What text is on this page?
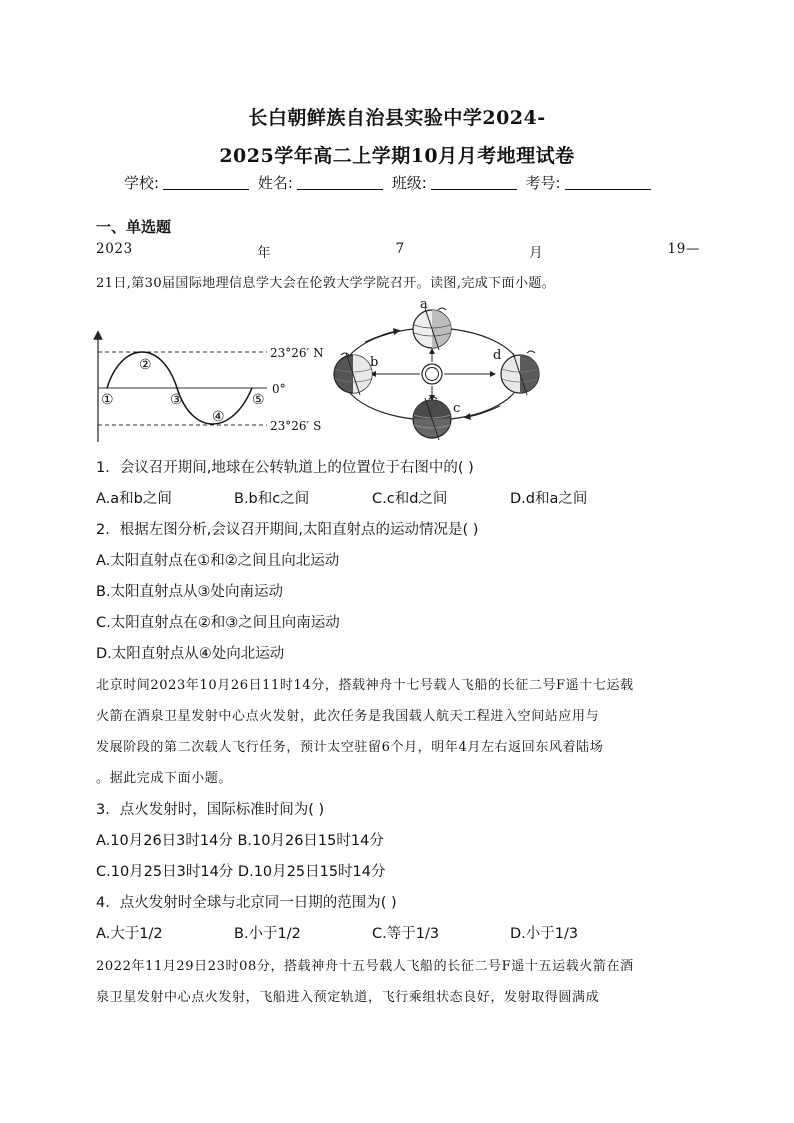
长白朝鲜族自治县实验中学2024-
2025学年高二上学期10月月考地理试卷
学校:	姓名:	班级:	考号:
一、单选题
2023	年	7	月	19—
21日,第30届国际地理信息学大会在伦敦大学学院召开。读图,完成下面小题。
23°26′ N
0°
23°26′ S
①
②
③
④
⑤
a
b
c
d
1．会议召开期间,地球在公转轨道上的位置位于右图中的( )
A.a和b之间	B.b和c之间	C.c和d之间	D.d和a之间
2．根据左图分析,会议召开期间,太阳直射点的运动情况是( )
A.太阳直射点在①和②之间且向北运动
B.太阳直射点从③处向南运动
C.太阳直射点在②和③之间且向南运动
D.太阳直射点从④处向北运动
北京时间2023年10月26日11时14分，搭载神舟十七号载人飞船的长征二号F遥十七运载
火箭在酒泉卫星发射中心点火发射，此次任务是我国载人航天工程进入空间站应用与
发展阶段的第二次载人飞行任务，预计太空驻留6个月，明年4月左右返回东风着陆场
。据此完成下面小题。
3．点火发射时，国际标准时间为( )
A.10月26日3时14分 B.10月26日15时14分
C.10月25日3时14分 D.10月25日15时14分
4．点火发射时全球与北京同一日期的范围为( )
A.大于1/2	B.小于1/2	C.等于1/3	D.小于1/3
2022年11月29日23时08分，搭载神舟十五号载人飞船的长征二号F遥十五运载火箭在酒
泉卫星发射中心点火发射，飞船进入预定轨道，飞行乘组状态良好，发射取得圆满成
